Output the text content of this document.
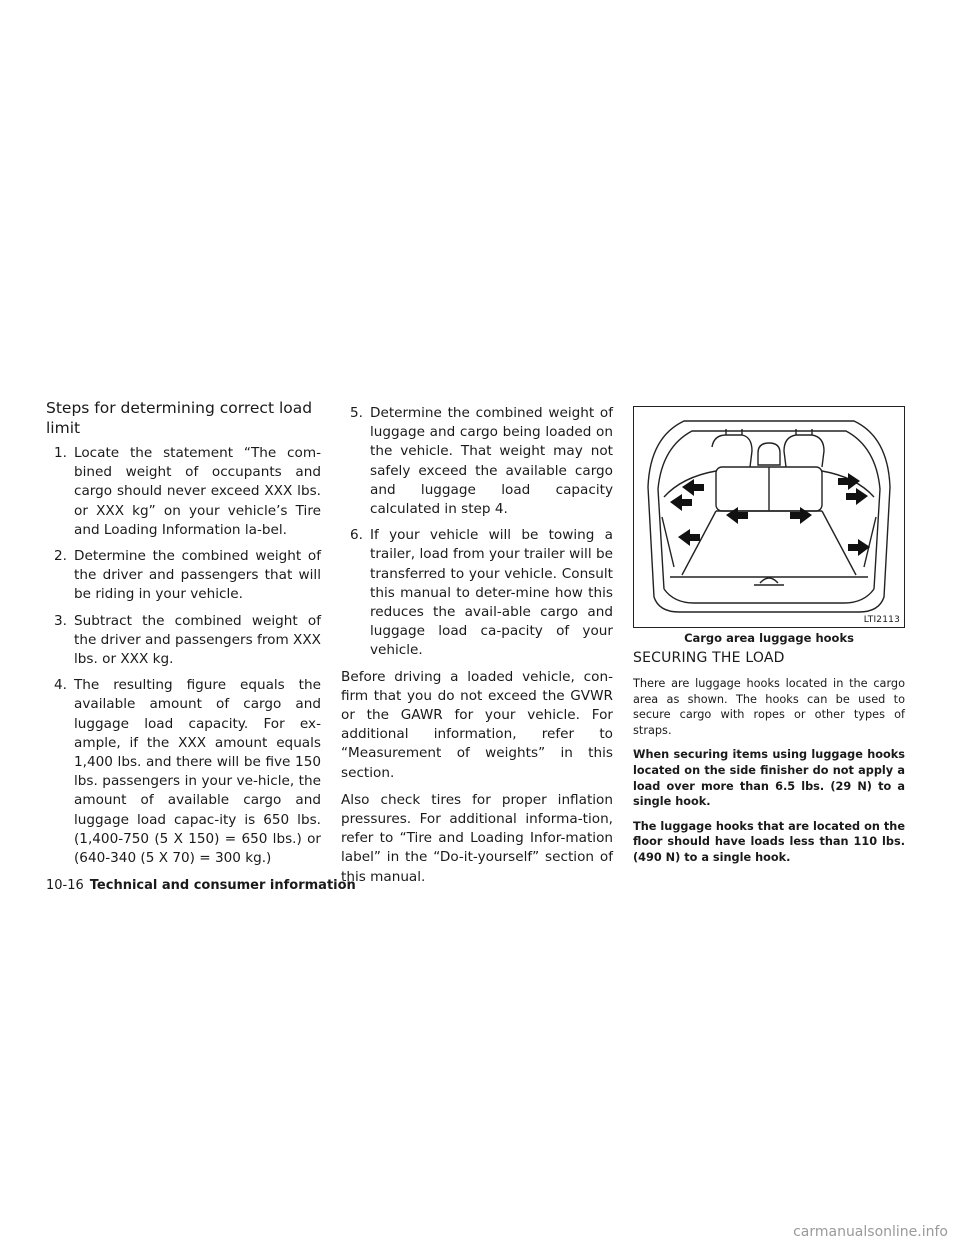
Steps for determining correct load limit
1. Locate the statement “The com-bined weight of occupants and cargo should never exceed XXX lbs. or XXX kg” on your vehicle’s Tire and Loading Information la-bel.
2. Determine the combined weight of the driver and passengers that will be riding in your vehicle.
3. Subtract the combined weight of the driver and passengers from XXX lbs. or XXX kg.
4. The resulting figure equals the available amount of cargo and luggage load capacity. For ex-ample, if the XXX amount equals 1,400 lbs. and there will be five 150 lbs. passengers in your ve-hicle, the amount of available cargo and luggage load capac-ity is 650 lbs. (1,400-750 (5 X 150) = 650 lbs.) or (640-340 (5 X 70) = 300 kg.)
5. Determine the combined weight of luggage and cargo being loaded on the vehicle. That weight may not safely exceed the available cargo and luggage load capacity calculated in step 4.
6. If your vehicle will be towing a trailer, load from your trailer will be transferred to your vehicle. Consult this manual to deter-mine how this reduces the avail-able cargo and luggage load ca-pacity of your vehicle.

Before driving a loaded vehicle, con-firm that you do not exceed the GVWR or the GAWR for your vehicle. For additional information, refer to “Measurement of weights” in this section.

Also check tires for proper inflation pressures. For additional informa-tion, refer to “Tire and Loading Infor-mation label” in the “Do-it-yourself” section of this manual.

LTI2113
Cargo area luggage hooks
SECURING THE LOAD

There are luggage hooks located in the cargo area as shown. The hooks can be used to secure cargo with ropes or other types of straps.

When securing items using luggage hooks located on the side finisher do not apply a load over more than 6.5 lbs. (29 N) to a single hook.

The luggage hooks that are located on the floor should have loads less than 110 lbs. (490 N) to a single hook.

10-16 Technical and consumer information
carmanualsonline.info
